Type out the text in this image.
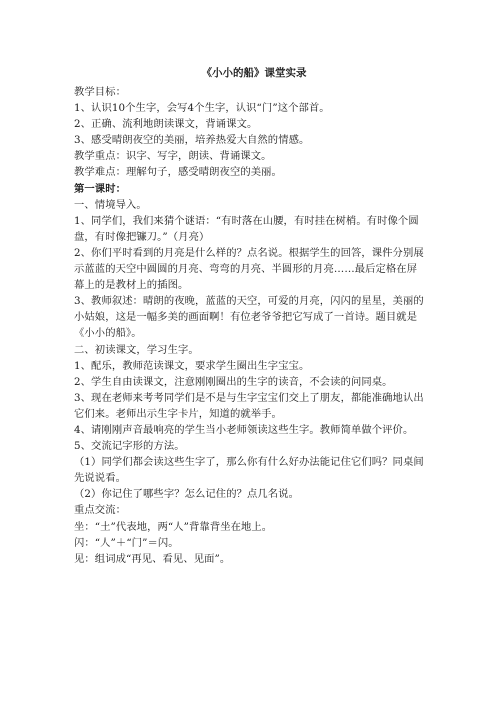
《小小的船》课堂实录
教学目标：
1、认识10个生字，会写4个生字，认识“门”这个部首。
2、正确、流利地朗读课文，背诵课文。
3、感受晴朗夜空的美丽，培养热爱大自然的情感。
教学重点：识字、写字，朗读、背诵课文。
教学难点：理解句子，感受晴朗夜空的美丽。
第一课时：
一、情境导入。
1、同学们，我们来猜个谜语：“有时落在山腰，有时挂在树梢。有时像个圆盘，有时像把镰刀。”（月亮）
2、你们平时看到的月亮是什么样的？点名说。根据学生的回答，课件分别展示蓝蓝的天空中圆圆的月亮、弯弯的月亮、半圆形的月亮……最后定格在屏幕上的是教材上的插图。
3、教师叙述：晴朗的夜晚，蓝蓝的天空，可爱的月亮，闪闪的星星，美丽的小姑娘，这是一幅多美的画面啊！有位老爷爷把它写成了一首诗。题目就是《小小的船》。
二、初读课文，学习生字。
1、配乐，教师范读课文，要求学生圈出生字宝宝。
2、学生自由读课文，注意刚刚圈出的生字的读音，不会读的问同桌。
3、现在老师来考考同学们是不是与生字宝宝们交上了朋友，都能准确地认出它们来。老师出示生字卡片，知道的就举手。
4、请刚刚声音最响亮的学生当小老师领读这些生字。教师简单做个评价。
5、交流记字形的方法。
（1）同学们都会读这些生字了，那么你有什么好办法能记住它们吗？同桌间先说说看。
（2）你记住了哪些字？怎么记住的？点几名说。
重点交流：
坐：“土”代表地，两“人”背靠背坐在地上。
闪：“人”＋“门”＝闪。
见：组词成“再见、看见、见面”。
